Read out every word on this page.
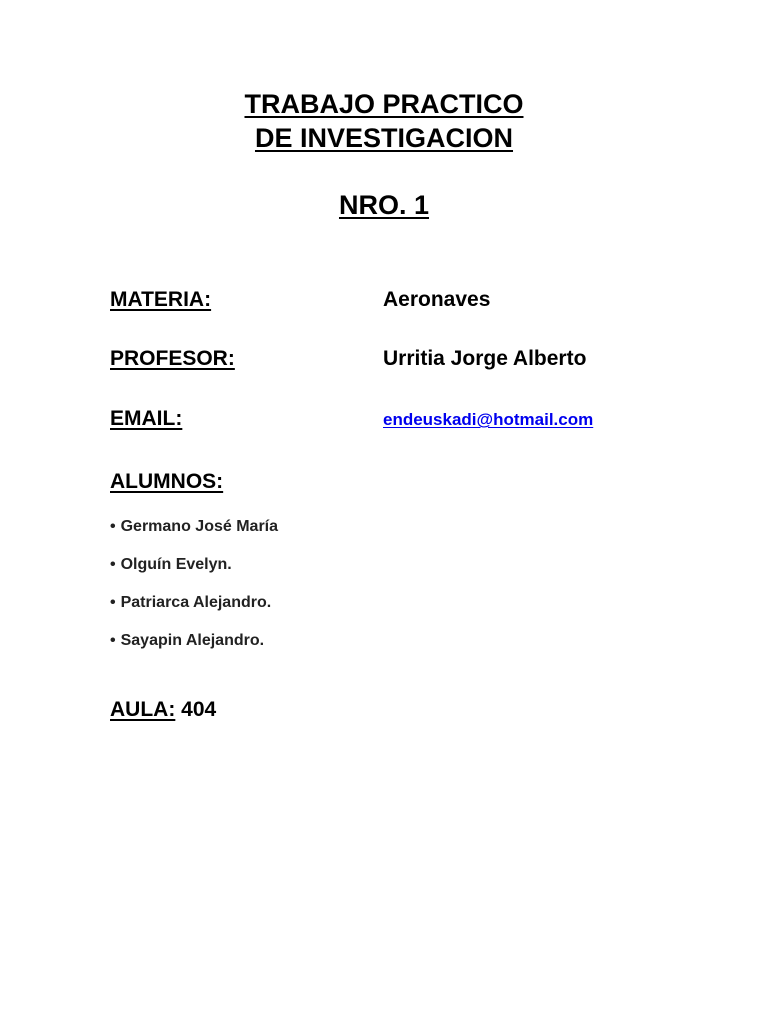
TRABAJO PRACTICO
DE INVESTIGACION
NRO. 1

MATERIA:	Aeronaves

PROFESOR:	Urritia Jorge Alberto

EMAIL:	endeuskadi@hotmail.com

ALUMNOS:

• Germano José María
• Olguín Evelyn.
• Patriarca Alejandro.
• Sayapin Alejandro.

AULA: 404
